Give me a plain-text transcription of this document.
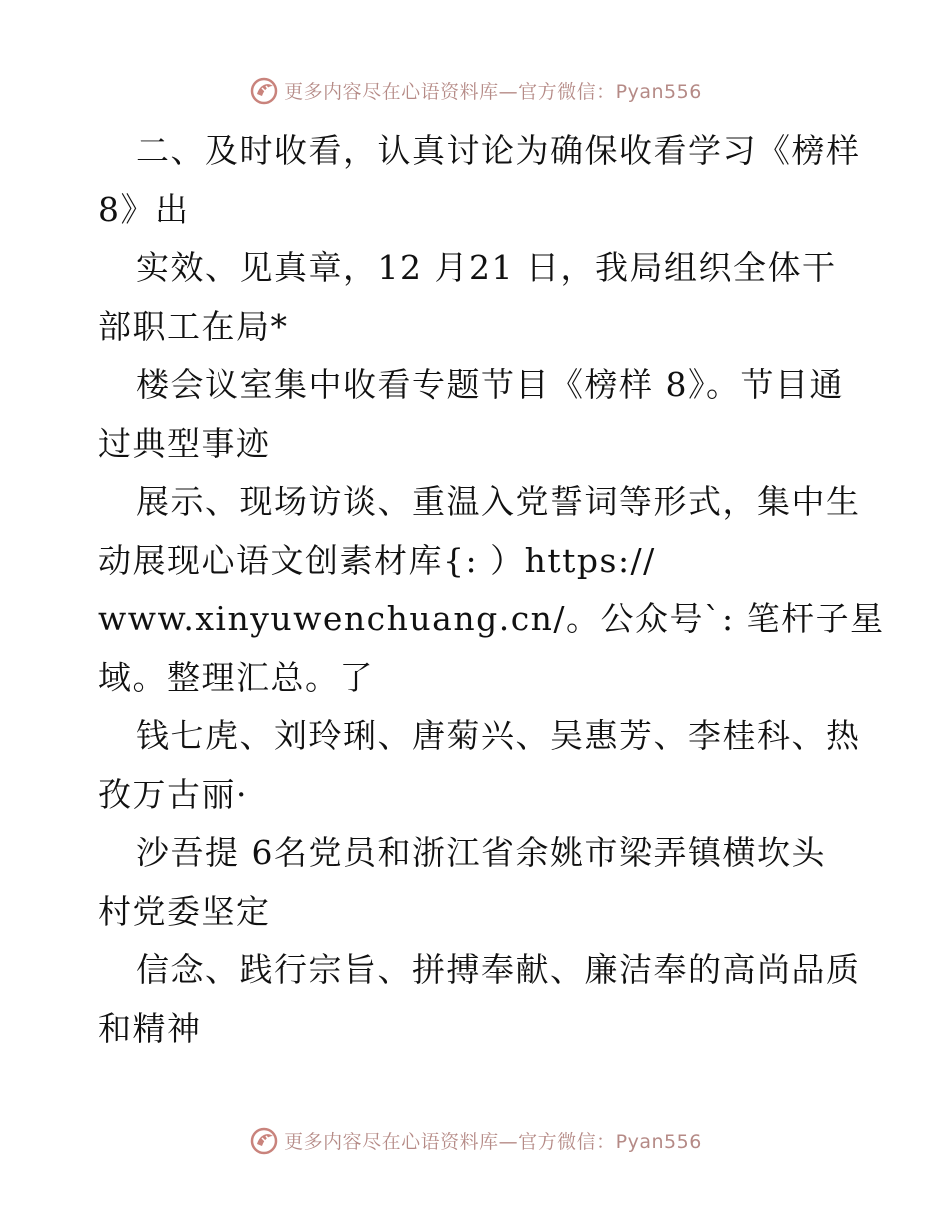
更多内容尽在心语资料库—官方微信：Pyan556
二、及时收看，认真讨论为确保收看学习《榜样
8》出
实效、见真章，12 月21 日，我局组织全体干
部职工在局*
楼会议室集中收看专题节目《榜样 8》。节目通
过典型事迹
展示、现场访谈、重温入党誓词等形式，集中生
动展现心语文创素材库{: ）https://
www.xinyuwenchuang.cn/。公众号`: 笔杆子星
域。整理汇总。了
钱七虎、刘玲琍、唐菊兴、吴惠芳、李桂科、热
孜万古丽·
沙吾提 6名党员和浙江省余姚市梁弄镇横坎头
村党委坚定
信念、践行宗旨、拼搏奉献、廉洁奉的高尚品质
和精神
更多内容尽在心语资料库—官方微信：Pyan556
